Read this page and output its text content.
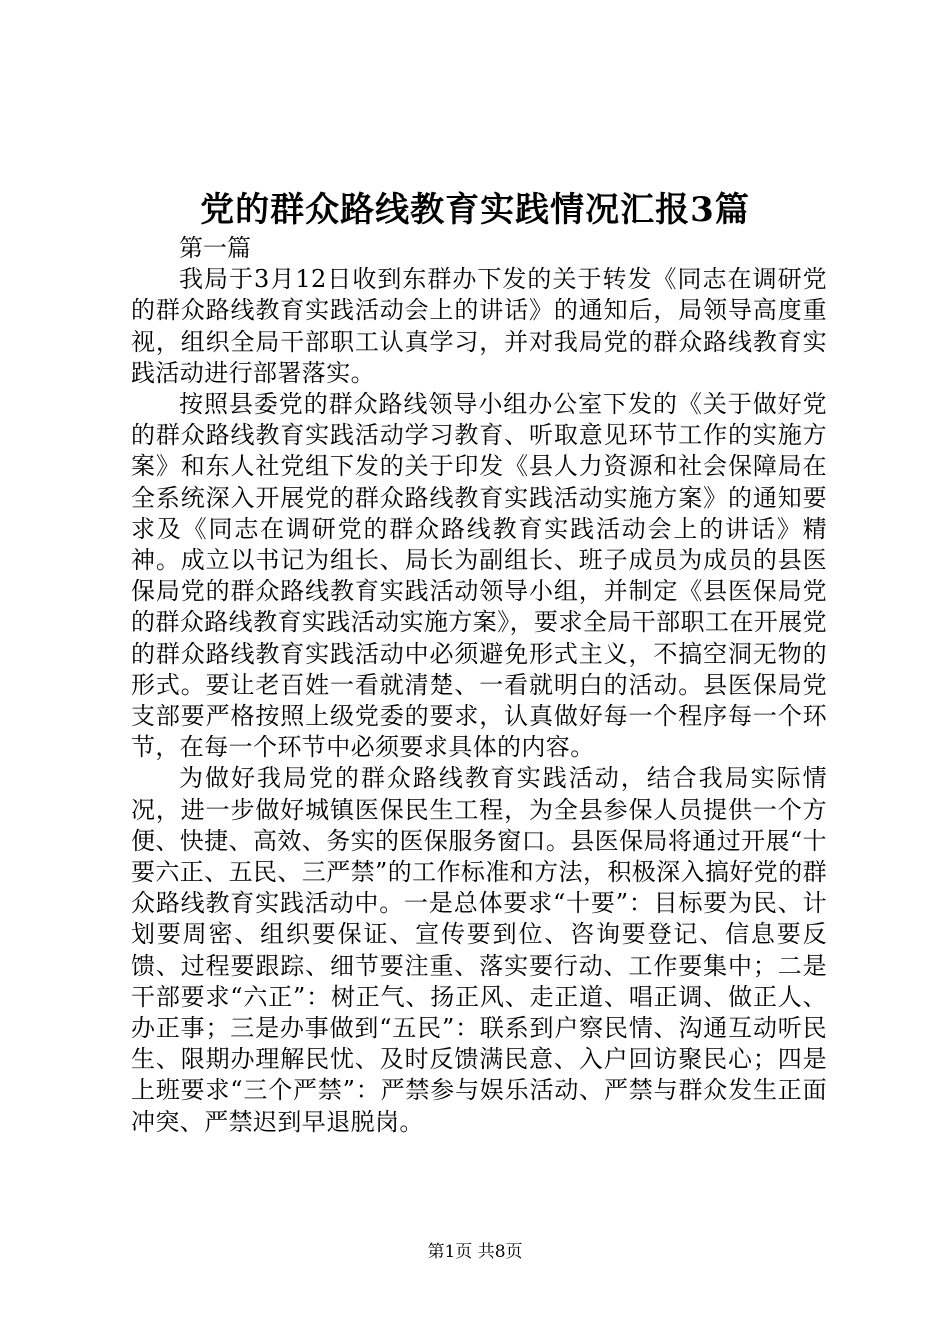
党的群众路线教育实践情况汇报3篇

第一篇

我局于3月12日收到东群办下发的关于转发《同志在调研党的群众路线教育实践活动会上的讲话》的通知后，局领导高度重视，组织全局干部职工认真学习，并对我局党的群众路线教育实践活动进行部署落实。

按照县委党的群众路线领导小组办公室下发的《关于做好党的群众路线教育实践活动学习教育、听取意见环节工作的实施方案》和东人社党组下发的关于印发《县人力资源和社会保障局在全系统深入开展党的群众路线教育实践活动实施方案》的通知要求及《同志在调研党的群众路线教育实践活动会上的讲话》精神。成立以书记为组长、局长为副组长、班子成员为成员的县医保局党的群众路线教育实践活动领导小组，并制定《县医保局党的群众路线教育实践活动实施方案》，要求全局干部职工在开展党的群众路线教育实践活动中必须避免形式主义，不搞空洞无物的形式。要让老百姓一看就清楚、一看就明白的活动。县医保局党支部要严格按照上级党委的要求，认真做好每一个程序每一个环节，在每一个环节中必须要求具体的内容。

为做好我局党的群众路线教育实践活动，结合我局实际情况，进一步做好城镇医保民生工程，为全县参保人员提供一个方便、快捷、高效、务实的医保服务窗口。县医保局将通过开展“十要六正、五民、三严禁”的工作标准和方法，积极深入搞好党的群众路线教育实践活动中。一是总体要求“十要”：目标要为民、计划要周密、组织要保证、宣传要到位、咨询要登记、信息要反馈、过程要跟踪、细节要注重、落实要行动、工作要集中；二是干部要求“六正”：树正气、扬正风、走正道、唱正调、做正人、办正事；三是办事做到“五民”：联系到户察民情、沟通互动听民生、限期办理解民忧、及时反馈满民意、入户回访聚民心；四是上班要求“三个严禁”：严禁参与娱乐活动、严禁与群众发生正面冲突、严禁迟到早退脱岗。

第1页 共8页
